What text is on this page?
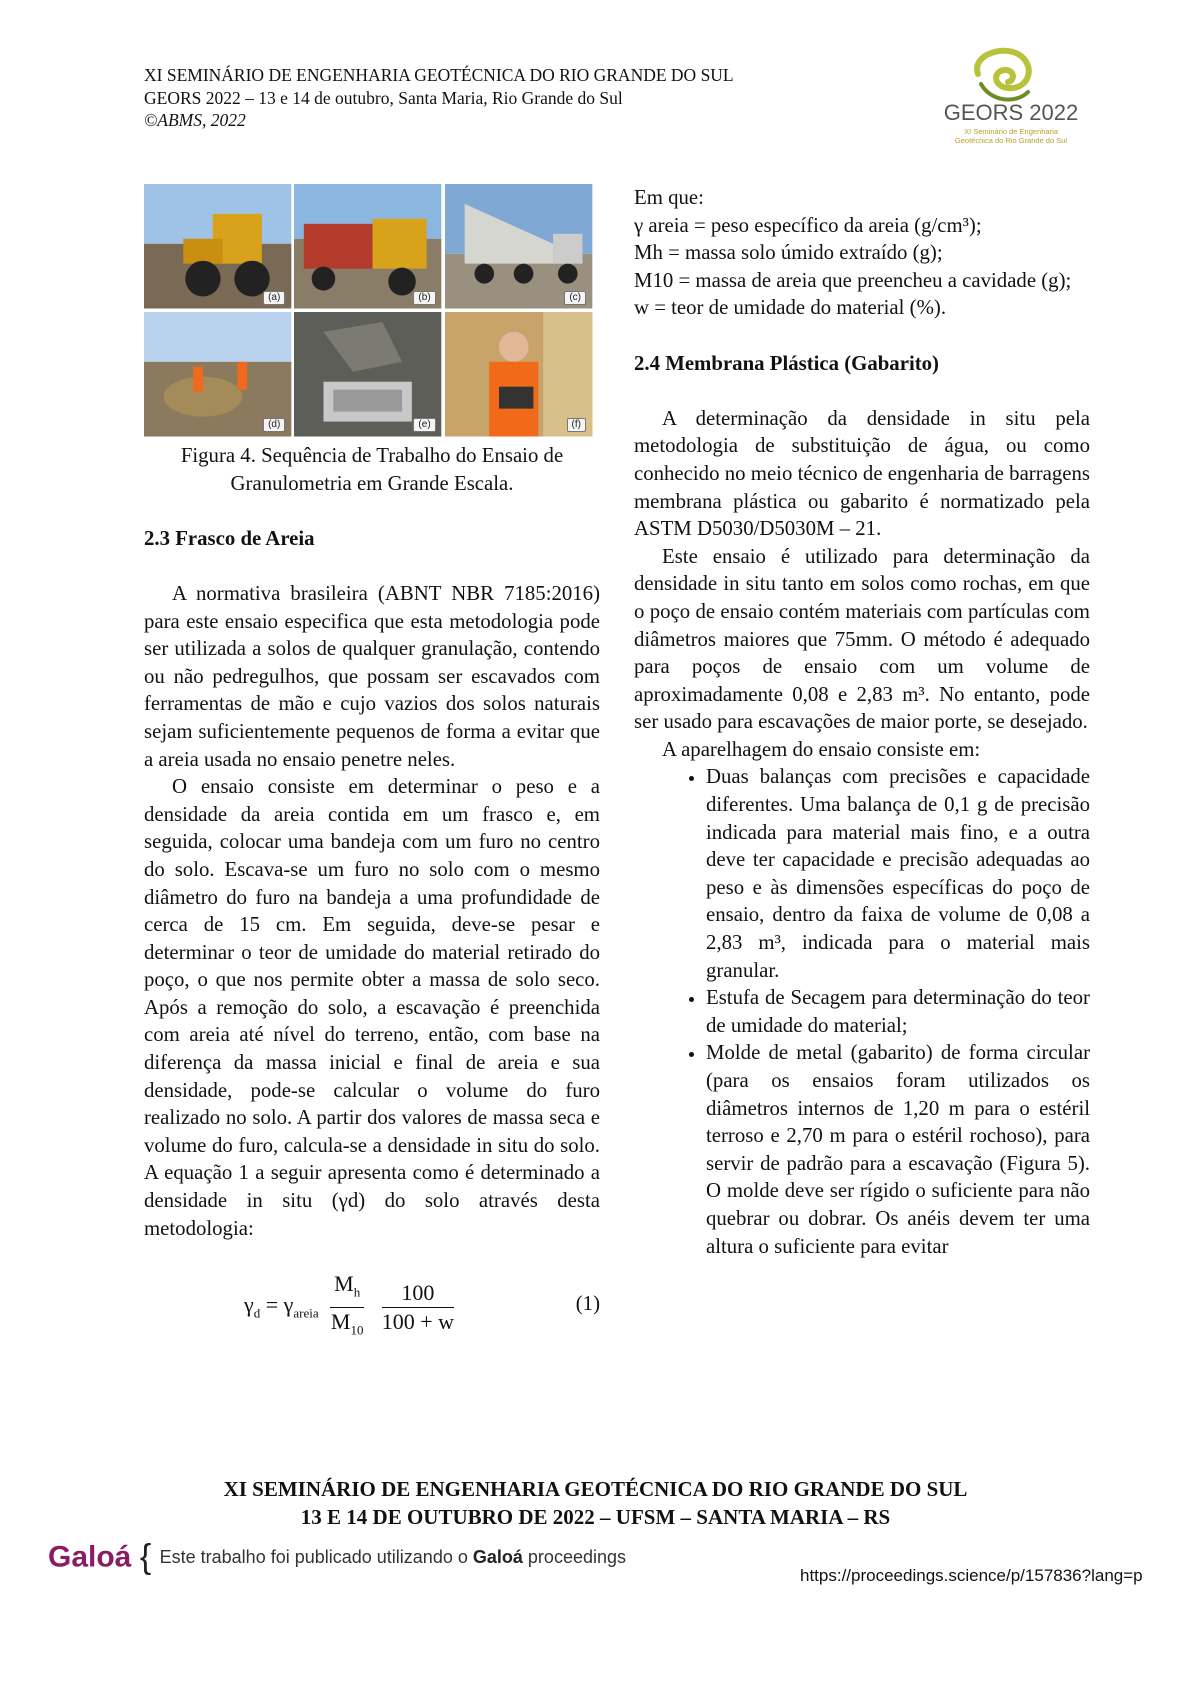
XI SEMINÁRIO DE ENGENHARIA GEOTÉCNICA DO RIO GRANDE DO SUL
GEORS 2022 – 13 e 14 de outubro, Santa Maria, Rio Grande do Sul
©ABMS, 2022	GEORS 2022
XI Seminário de Engenharia
Geotécnica do Rio Grande do Sul
(a)	(b)	(c)
(d)	(e)	(f)

Figura 4. Sequência de Trabalho do Ensaio de Granulometria em Grande Escala.

2.3 Frasco de Areia

A normativa brasileira (ABNT NBR 7185:2016) para este ensaio especifica que esta metodologia pode ser utilizada a solos de qualquer granulação, contendo ou não pedregulhos, que possam ser escavados com ferramentas de mão e cujo vazios dos solos naturais sejam suficientemente pequenos de forma a evitar que a areia usada no ensaio penetre neles.

O ensaio consiste em determinar o peso e a densidade da areia contida em um frasco e, em seguida, colocar uma bandeja com um furo no centro do solo. Escava-se um furo no solo com o mesmo diâmetro do furo na bandeja a uma profundidade de cerca de 15 cm. Em seguida, deve-se pesar e determinar o teor de umidade do material retirado do poço, o que nos permite obter a massa de solo seco. Após a remoção do solo, a escavação é preenchida com areia até nível do terreno, então, com base na diferença da massa inicial e final de areia e sua densidade, pode-se calcular o volume do furo realizado no solo. A partir dos valores de massa seca e volume do furo, calcula-se a densidade in situ do solo. A equação 1 a seguir apresenta como é determinado a densidade in situ (γd) do solo através desta metodologia:

$\gamma_d = \gamma_{areia} \frac{M_h}{M_{10}}$
$\frac{100}{100 + w}$	(1)

Em que:

γ areia = peso específico da areia (g/cm³);

Mh = massa solo úmido extraído (g);

M10 = massa de areia que preencheu a cavidade (g);

w = teor de umidade do material (%).

2.4 Membrana Plástica (Gabarito)

A determinação da densidade in situ pela metodologia de substituição de água, ou como conhecido no meio técnico de engenharia de barragens membrana plástica ou gabarito é normatizado pela ASTM D5030/D5030M – 21.

Este ensaio é utilizado para determinação da densidade in situ tanto em solos como rochas, em que o poço de ensaio contém materiais com partículas com diâmetros maiores que 75mm. O método é adequado para poços de ensaio com um volume de aproximadamente 0,08 e 2,83 m³. No entanto, pode ser usado para escavações de maior porte, se desejado.

A aparelhagem do ensaio consiste em:

• Duas balanças com precisões e capacidade diferentes. Uma balança de 0,1 g de precisão indicada para material mais fino, e a outra deve ter capacidade e precisão adequadas ao peso e às dimensões específicas do poço de ensaio, dentro da faixa de volume de 0,08 a 2,83 m³, indicada para o material mais granular.
• Estufa de Secagem para determinação do teor de umidade do material;
• Molde de metal (gabarito) de forma circular (para os ensaios foram utilizados os diâmetros internos de 1,20 m para o estéril terroso e 2,70 m para o estéril rochoso), para servir de padrão para a escavação (Figura 5). O molde deve ser rígido o suficiente para não quebrar ou dobrar. Os anéis devem ter uma altura o suficiente para evitar
XI SEMINÁRIO DE ENGENHARIA GEOTÉCNICA DO RIO GRANDE DO SUL
13 E 14 DE OUTUBRO DE 2022 – UFSM – SANTA MARIA – RS
Galoá { Este trabalho foi publicado utilizando o Galoá proceedings
https://proceedings.science/p/157836?lang=p
